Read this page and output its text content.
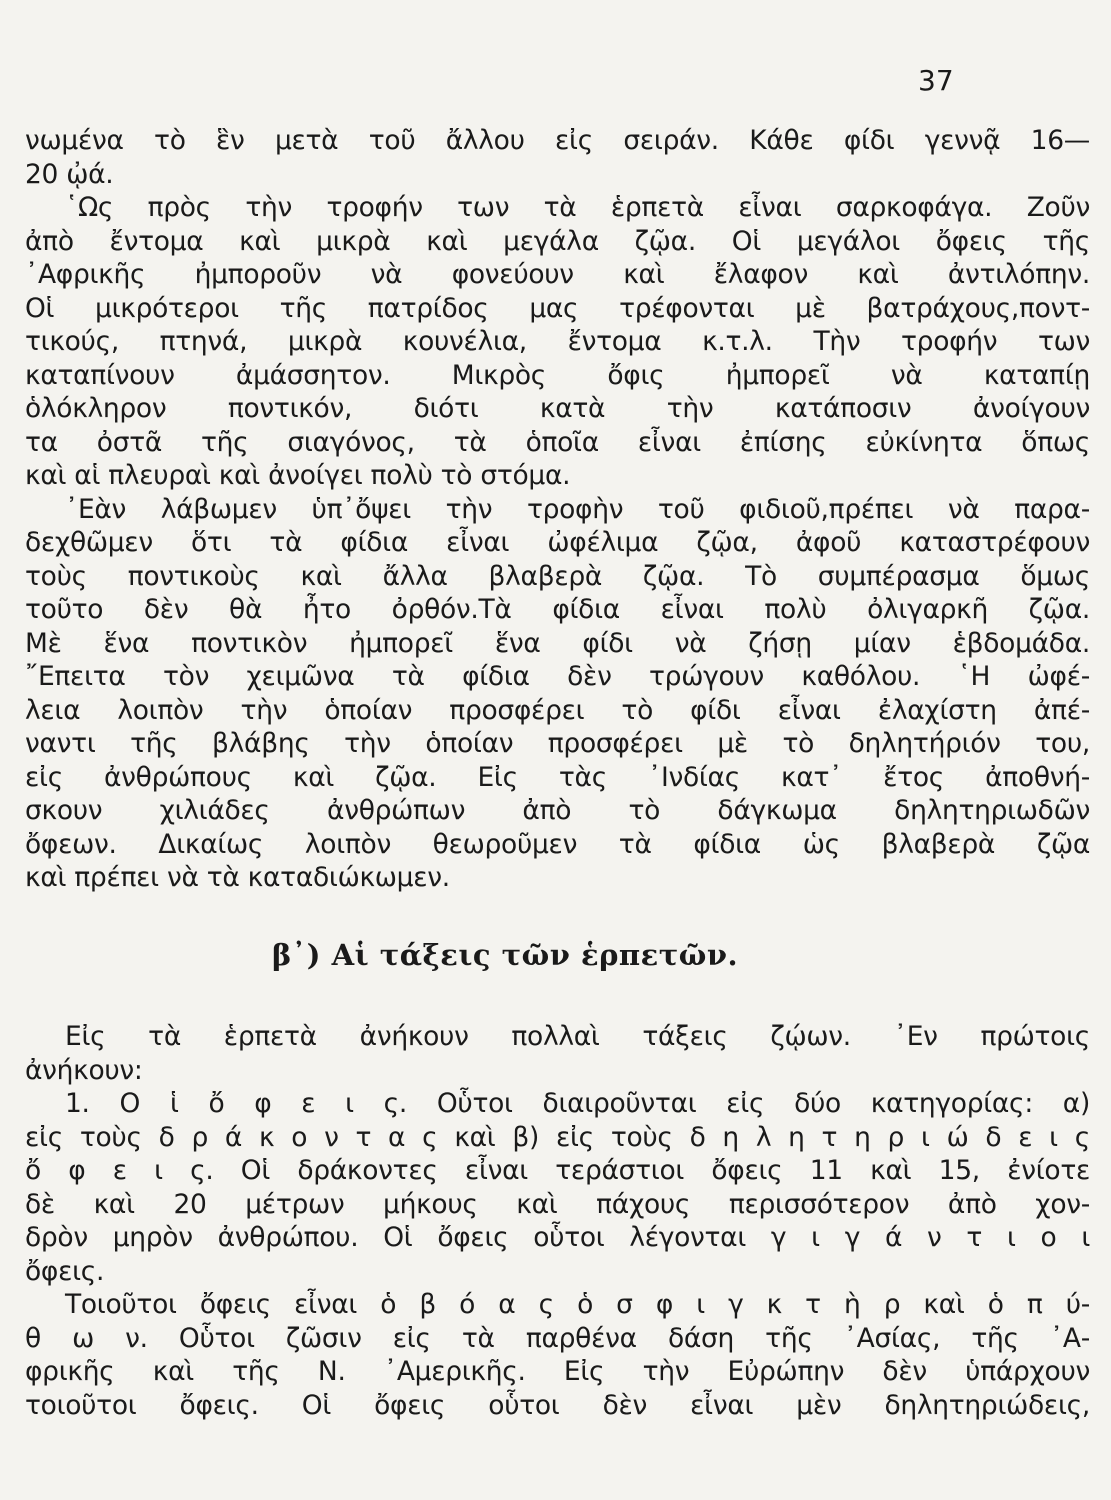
37
νωμένα τὸ ἓν μετὰ τοῦ ἄλλου εἰς σειράν. Κάθε φίδι γεννᾷ 16—
20 ᾠά.
῾Ως πρὸς τὴν τροφήν των τὰ ἑρπετὰ εἶναι σαρκοφάγα. Ζοῦν
ἀπὸ ἔντομα καὶ μικρὰ καὶ μεγάλα ζῷα. Οἱ μεγάλοι ὄφεις τῆς
᾿Αφρικῆς ἠμποροῦν νὰ φονεύουν καὶ ἔλαφον καὶ ἀντιλόπην.
Οἱ μικρότεροι τῆς πατρίδος μας τρέφονται μὲ βατράχους,ποντ-
τικούς, πτηνά, μικρὰ κουνέλια, ἔντομα κ.τ.λ. Τὴν τροφήν των
καταπίνουν ἀμάσσητον. Μικρὸς ὄφις ἠμπορεῖ νὰ καταπίῃ
ὁλόκληρον ποντικόν, διότι κατὰ τὴν κατάποσιν ἀνοίγουν
τα ὀστᾶ τῆς σιαγόνος, τὰ ὁποῖα εἶναι ἐπίσης εὐκίνητα ὅπως
καὶ αἱ πλευραὶ καὶ ἀνοίγει πολὺ τὸ στόμα.
᾿Εὰν λάβωμεν ὑπ᾿ὄψει τὴν τροφὴν τοῦ φιδιοῦ,πρέπει νὰ παρα-
δεχθῶμεν ὅτι τὰ φίδια εἶναι ὠφέλιμα ζῷα, ἀφοῦ καταστρέφουν
τοὺς ποντικοὺς καὶ ἄλλα βλαβερὰ ζῷα. Τὸ συμπέρασμα ὅμως
τοῦτο δὲν θὰ ἦτο ὀρθόν.Τὰ φίδια εἶναι πολὺ ὀλιγαρκῆ ζῷα.
Μὲ ἕνα ποντικὸν ἠμπορεῖ ἕνα φίδι νὰ ζήσῃ μίαν ἑβδομάδα.
῎Επειτα τὸν χειμῶνα τὰ φίδια δὲν τρώγουν καθόλου. ῾Η ὠφέ-
λεια λοιπὸν τὴν ὁποίαν προσφέρει τὸ φίδι εἶναι ἐλαχίστη ἀπέ-
ναντι τῆς βλάβης τὴν ὁποίαν προσφέρει μὲ τὸ δηλητήριόν του,
εἰς ἀνθρώπους καὶ ζῷα. Εἰς τὰς ᾿Ινδίας κατ᾿ ἔτος ἀποθνή-
σκουν χιλιάδες ἀνθρώπων ἀπὸ τὸ δάγκωμα δηλητηριωδῶν
ὄφεων. Δικαίως λοιπὸν θεωροῦμεν τὰ φίδια ὡς βλαβερὰ ζῷα
καὶ πρέπει νὰ τὰ καταδιώκωμεν.
β᾿) Αἱ τάξεις τῶν ἑρπετῶν.
Εἰς τὰ ἑρπετὰ ἀνήκουν πολλαὶ τάξεις ζῴων. ᾿Εν πρώτοις
ἀνήκουν:
1. Ο ἱ ὄ φ ε ι ς. Οὗτοι διαιροῦνται εἰς δύο κατηγορίας: α)
εἰς τοὺς δ ρ ά κ ο ν τ α ς καὶ β) εἰς τοὺς δ η λ η τ η ρ ι ώ δ ε ι ς
ὄ φ ε ι ς. Οἱ δράκοντες εἶναι τεράστιοι ὄφεις 11 καὶ 15, ἐνίοτε
δὲ καὶ 20 μέτρων μήκους καὶ πάχους περισσότερον ἀπὸ χον-
δρὸν μηρὸν ἀνθρώπου. Οἱ ὄφεις οὗτοι λέγονται γ ι γ ά ν τ ι ο ι
ὄφεις.
Τοιοῦτοι ὄφεις εἶναι ὁ β ό α ς ὁ σ φ ι γ κ τ ὴ ρ καὶ ὁ π ύ-
θ ω ν. Οὗτοι ζῶσιν εἰς τὰ παρθένα δάση τῆς ᾿Ασίας, τῆς ᾿Α-
φρικῆς καὶ τῆς Ν. ᾿Αμερικῆς. Εἰς τὴν Εὐρώπην δὲν ὑπάρχουν
τοιοῦτοι ὄφεις. Οἱ ὄφεις οὗτοι δὲν εἶναι μὲν δηλητηριώδεις,
